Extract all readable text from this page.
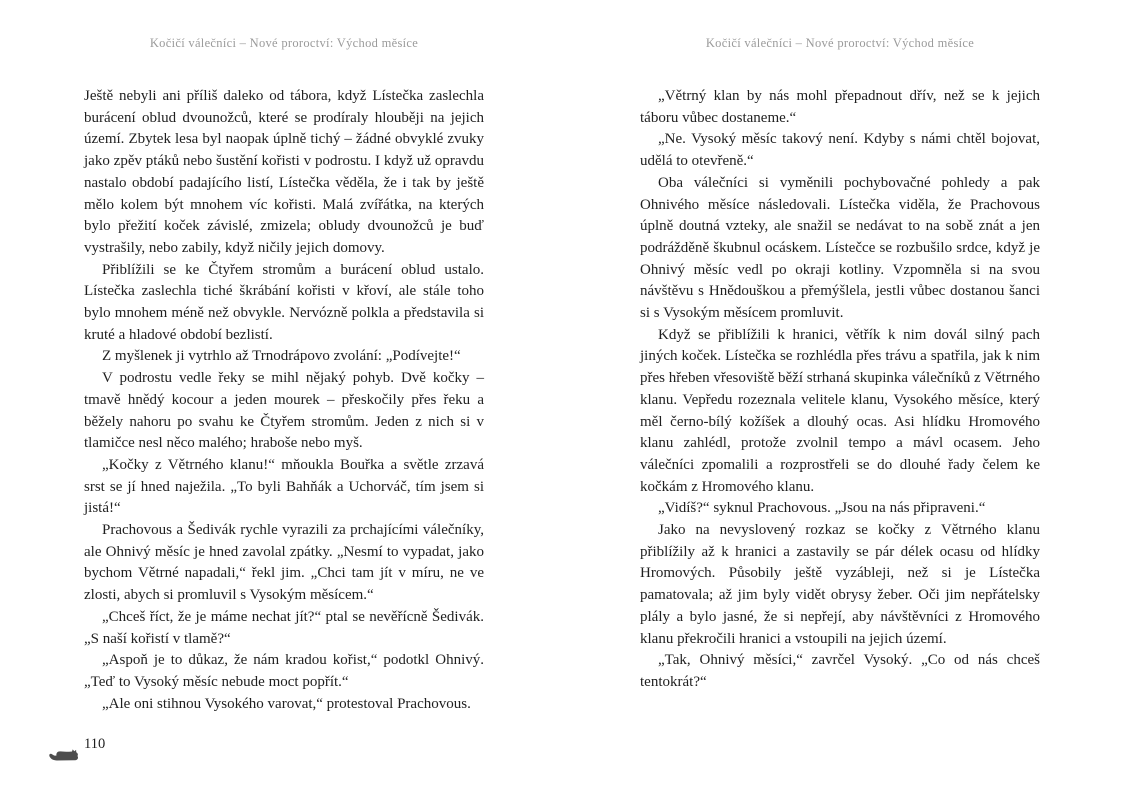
Kočičí válečníci – Nové proroctví: Východ měsíce

Ještě nebyli ani příliš daleko od tábora, když Lístečka zaslechla burácení oblud dvounožců, které se prodíraly hlouběji na jejich území. Zbytek lesa byl naopak úplně tichý – žádné obvyklé zvuky jako zpěv ptáků nebo šustění kořisti v podrostu. I když už opravdu nastalo období padajícího listí, Lístečka věděla, že i tak by ještě mělo kolem být mnohem víc kořisti. Malá zvířátka, na kterých bylo přežití koček závislé, zmizela; obludy dvounožců je buď vystrašily, nebo zabily, když ničily jejich domovy.

Přiblížili se ke Čtyřem stromům a burácení oblud ustalo. Lístečka zaslechla tiché škrábání kořisti v křoví, ale stále toho bylo mnohem méně než obvykle. Nervózně polkla a představila si kruté a hladové období bezlistí.

Z myšlenek ji vytrhlo až Trnodrápovo zvolání: „Podívejte!“

V podrostu vedle řeky se mihl nějaký pohyb. Dvě kočky – tmavě hnědý kocour a jeden mourek – přeskočily přes řeku a běžely nahoru po svahu ke Čtyřem stromům. Jeden z nich si v tlamičce nesl něco malého; hraboše nebo myš.

„Kočky z Větrného klanu!“ mňoukla Bouřka a světle zrzavá srst se jí hned naježila. „To byli Bahňák a Uchorváč, tím jsem si jistá!“

Prachovous a Šedivák rychle vyrazili za prchajícími válečníky, ale Ohnivý měsíc je hned zavolal zpátky. „Nesmí to vypadat, jako bychom Větrné napadali,“ řekl jim. „Chci tam jít v míru, ne ve zlosti, abych si promluvil s Vysokým měsícem.“

„Chceš říct, že je máme nechat jít?“ ptal se nevěřícně Šedivák. „S naší kořistí v tlamě?“

„Aspoň je to důkaz, že nám kradou kořist,“ podotkl Ohnivý. „Teď to Vysoký měsíc nebude moct popřít.“

„Ale oni stihnou Vysokého varovat,“ protestoval Prachovous.

Kočičí válečníci – Nové proroctví: Východ měsíce

„Větrný klan by nás mohl přepadnout dřív, než se k jejich táboru vůbec dostaneme.“

„Ne. Vysoký měsíc takový není. Kdyby s námi chtěl bojovat, udělá to otevřeně.“

Oba válečníci si vyměnili pochybovačné pohledy a pak Ohnivého měsíce následovali. Lístečka viděla, že Prachovous úplně doutná vzteky, ale snažil se nedávat to na sobě znát a jen podrážděně škubnul ocáskem. Lístečce se rozbušilo srdce, když je Ohnivý měsíc vedl po okraji kotliny. Vzpomněla si na svou návštěvu s Hnědouškou a přemýšlela, jestli vůbec dostanou šanci si s Vysokým měsícem promluvit.

Když se přiblížili k hranici, větřík k nim dovál silný pach jiných koček. Lístečka se rozhlédla přes trávu a spatřila, jak k nim přes hřeben vřesoviště běží strhaná skupinka válečníků z Větrného klanu. Vepředu rozeznala velitele klanu, Vysokého měsíce, který měl černo-bílý kožíšek a dlouhý ocas. Asi hlídku Hromového klanu zahlédl, protože zvolnil tempo a mávl ocasem. Jeho válečníci zpomalili a rozprostřeli se do dlouhé řady čelem ke kočkám z Hromového klanu.

„Vidíš?“ syknul Prachovous. „Jsou na nás připraveni.“

Jako na nevyslovený rozkaz se kočky z Větrného klanu přiblížily až k hranici a zastavily se pár délek ocasu od hlídky Hromových. Působily ještě vyzábleji, než si je Lístečka pamatovala; až jim byly vidět obrysy žeber. Oči jim nepřátelsky plály a bylo jasné, že si nepřejí, aby návštěvníci z Hromového klanu překročili hranici a vstoupili na jejich území.

„Tak, Ohnivý měsíci,“ zavrčel Vysoký. „Co od nás chceš tentokrát?“

110
